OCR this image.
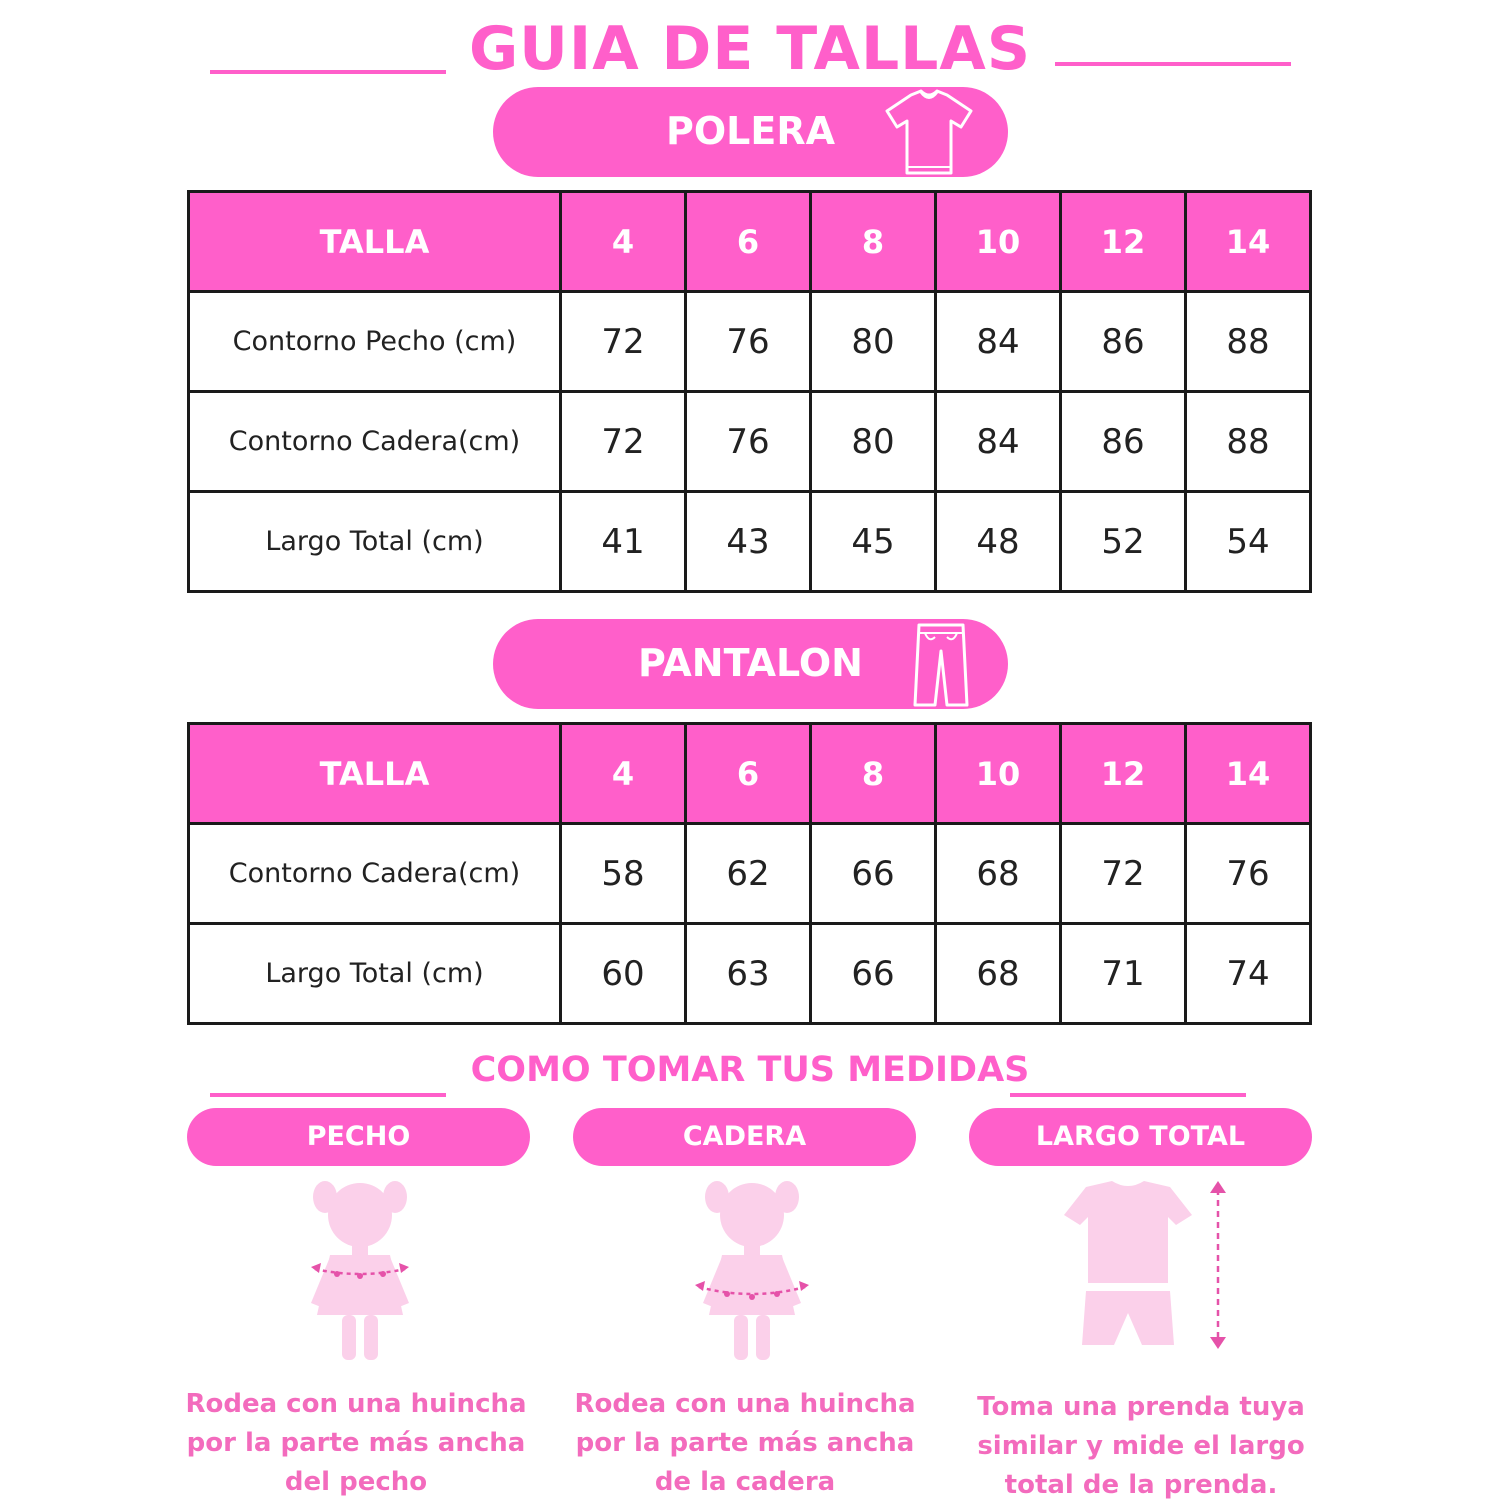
GUIA DE TALLAS
POLERA
TALLA	4	6	8	10	12	14
Contorno Pecho (cm)	72	76	80	84	86	88
Contorno Cadera(cm)	72	76	80	84	86	88
Largo Total (cm)	41	43	45	48	52	54
PANTALON
TALLA	4	6	8	10	12	14
Contorno Cadera(cm)	58	62	66	68	72	76
Largo Total (cm)	60	63	66	68	71	74
COMO TOMAR TUS MEDIDAS
PECHO	CADERA	LARGO TOTAL
Rodea con una huincha
por la parte más ancha
del pecho
Rodea con una huincha
por la parte más ancha
de la cadera
Toma una prenda tuya
similar y mide el largo
total de la prenda.
